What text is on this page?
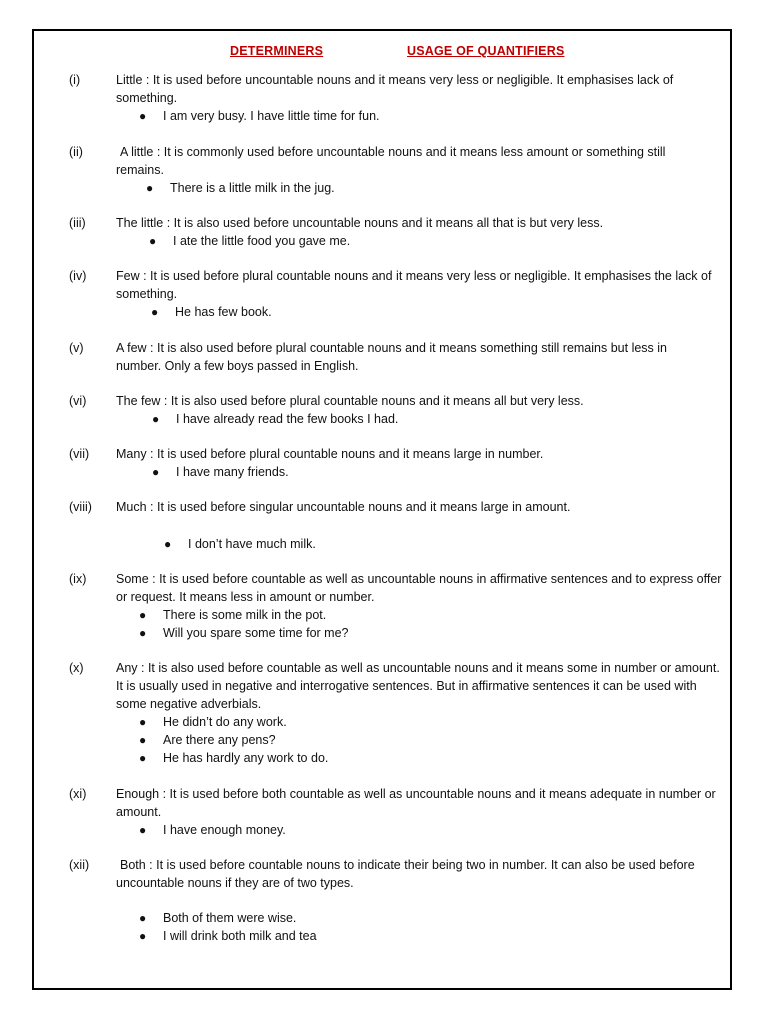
DETERMINERS	USAGE OF QUANTIFIERS
(i)	Little : It is used before uncountable nouns and it means very less or negligible. It emphasises lack of something.

● I am very busy. I have little time for fun.
(ii)	A little : It is commonly used before uncountable nouns and it means less amount or something still remains.

● There is a little milk in the jug.
(iii) The little : It is also used before uncountable nouns and it means all that is but very less.

● I ate the little food you gave me.
(iv) Few : It is used before plural countable nouns and it means very less or negligible. It emphasises the lack of something.

● He has few book.
(v)	A few : It is also used before plural countable nouns and it means something still remains but less in number. Only a few boys passed in English.

(vi) The few : It is also used before plural countable nouns and it means all but very less.

● I have already read the few books I had.
(vii) Many : It is used before plural countable nouns and it means large in number.

● I have many friends.
(viii) Much : It is used before singular uncountable nouns and it means large in amount.

● I don’t have much milk.
(ix) Some : It is used before countable as well as uncountable nouns in affirmative sentences and to express offer or request. It means less in amount or number.

● There is some milk in the pot.
● Will you spare some time for me?
(x)	Any : It is also used before countable as well as uncountable nouns and it means some in number or amount. It is usually used in negative and interrogative sentences. But in affirmative sentences it can be used with some negative adverbials.

● He didn’t do any work.
● Are there any pens?
● He has hardly any work to do.
(xi) Enough : It is used before both countable as well as uncountable nouns and it means adequate in number or amount.

● I have enough money.
(xii)	Both : It is used before countable nouns to indicate their being two in number. It can also be used before uncountable nouns if they are of two types.

● Both of them were wise.
● I will drink both milk and tea
